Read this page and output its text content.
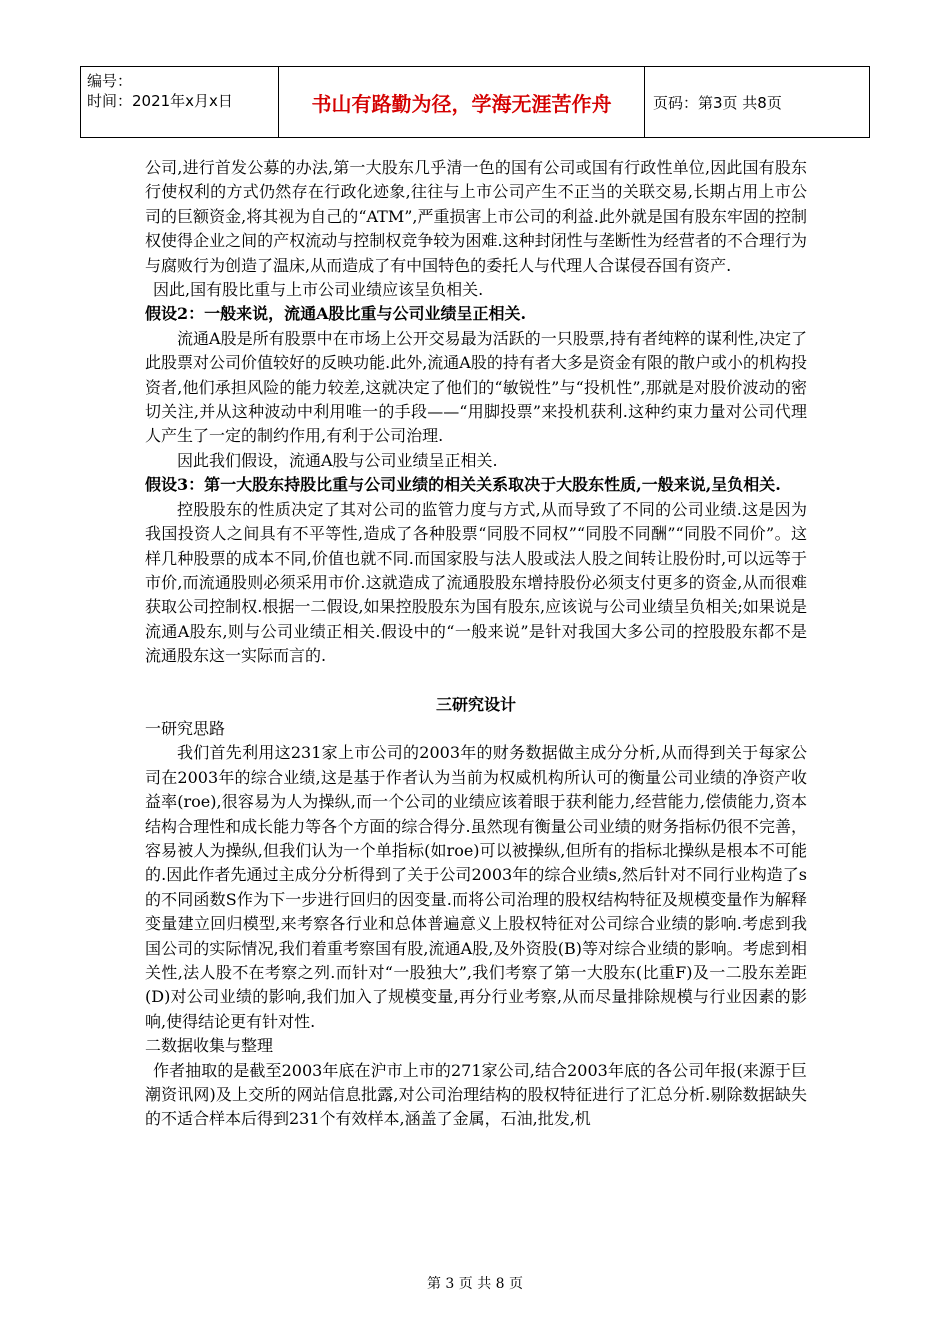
编号：
时间：2021年x月x日	书山有路勤为径，学海无涯苦作舟	页码：第3页 共8页

公司,进行首发公募的办法,第一大股东几乎清一色的国有公司或国有行政性单位,因此国有股东行使权利的方式仍然存在行政化迹象,往往与上市公司产生不正当的关联交易,长期占用上市公司的巨额资金,将其视为自己的“ATM”,严重损害上市公司的利益.此外就是国有股东牢固的控制权使得企业之间的产权流动与控制权竞争较为困难.这种封闭性与垄断性为经营者的不合理行为与腐败行为创造了温床,从而造成了有中国特色的委托人与代理人合谋侵吞国有资产.

因此,国有股比重与上市公司业绩应该呈负相关.

假设2：一般来说，流通A股比重与公司业绩呈正相关.

流通A股是所有股票中在市场上公开交易最为活跃的一只股票,持有者纯粹的谋利性,决定了此股票对公司价值较好的反映功能.此外,流通A股的持有者大多是资金有限的散户或小的机构投资者,他们承担风险的能力较差,这就决定了他们的“敏锐性”与“投机性”,那就是对股价波动的密切关注,并从这种波动中利用唯一的手段——“用脚投票”来投机获利.这种约束力量对公司代理人产生了一定的制约作用,有利于公司治理.

因此我们假设，流通A股与公司业绩呈正相关.

假设3：第一大股东持股比重与公司业绩的相关关系取决于大股东性质,一般来说,呈负相关.

控股股东的性质决定了其对公司的监管力度与方式,从而导致了不同的公司业绩.这是因为我国投资人之间具有不平等性,造成了各种股票“同股不同权”“同股不同酬”“同股不同价”。这样几种股票的成本不同,价值也就不同.而国家股与法人股或法人股之间转让股份时,可以远等于市价,而流通股则必须采用市价.这就造成了流通股股东增持股份必须支付更多的资金,从而很难获取公司控制权.根据一二假设,如果控股股东为国有股东,应该说与公司业绩呈负相关;如果说是流通A股东,则与公司业绩正相关.假设中的“一般来说”是针对我国大多公司的控股股东都不是流通股东这一实际而言的.

三研究设计

一研究思路

我们首先利用这231家上市公司的2003年的财务数据做主成分分析,从而得到关于每家公司在2003年的综合业绩,这是基于作者认为当前为权威机构所认可的衡量公司业绩的净资产收益率(roe),很容易为人为操纵,而一个公司的业绩应该着眼于获利能力,经营能力,偿债能力,资本结构合理性和成长能力等各个方面的综合得分.虽然现有衡量公司业绩的财务指标仍很不完善，容易被人为操纵,但我们认为一个单指标(如roe)可以被操纵,但所有的指标北操纵是根本不可能的.因此作者先通过主成分分析得到了关于公司2003年的综合业绩s,然后针对不同行业构造了s的不同函数S作为下一步进行回归的因变量.而将公司治理的股权结构特征及规模变量作为解释变量建立回归模型,来考察各行业和总体普遍意义上股权特征对公司综合业绩的影响.考虑到我国公司的实际情况,我们着重考察国有股,流通A股,及外资股(B)等对综合业绩的影响。考虑到相关性,法人股不在考察之列.而针对“一股独大”,我们考察了第一大股东(比重F)及一二股东差距(D)对公司业绩的影响,我们加入了规模变量,再分行业考察,从而尽量排除规模与行业因素的影响,使得结论更有针对性.

二数据收集与整理

作者抽取的是截至2003年底在沪市上市的271家公司,结合2003年底的各公司年报(来源于巨潮资讯网)及上交所的网站信息批露,对公司治理结构的股权特征进行了汇总分析.剔除数据缺失的不适合样本后得到231个有效样本,涵盖了金属，石油,批发,机

第 3 页 共 8 页
